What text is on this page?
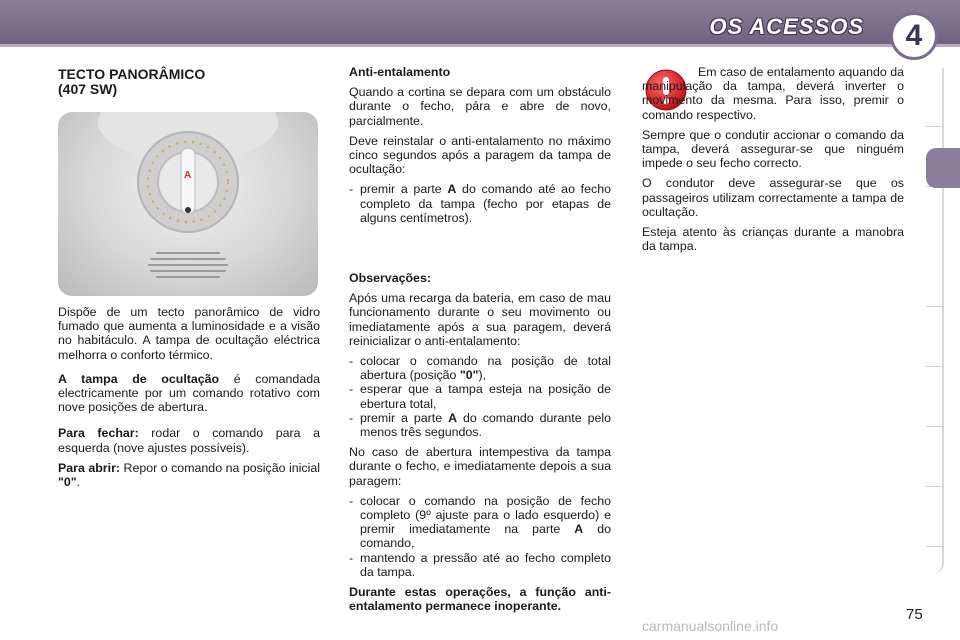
OS ACESSOS	4
TECTO PANORÂMICO
(407 SW)
A

Dispõe de um tecto panorâmico de vidro fumado que aumenta a luminosidade e a visão no habitáculo. A tampa de ocultação eléctrica melhorra o conforto térmico.

A tampa de ocultação é comandada electricamente por um comando rotativo com nove posições de abertura.

Para fechar: rodar o comando para a esquerda (nove ajustes possíveis).

Para abrir: Repor o comando na posição inicial "0".

Anti-entalamento

Quando a cortina se depara com um obstáculo durante o fecho, pára e abre de novo, parcialmente.

Deve reinstalar o anti-entalamento no máximo cinco segundos após a paragem da tampa de ocultação:

- premir a parte A do comando até ao fecho completo da tampa (fecho por etapas de alguns centímetros).

Observações:

Após uma recarga da bateria, em caso de mau funcionamento durante o seu movimento ou imediatamente após a sua paragem, deverá reinicializar o anti-entalamento:

- colocar o comando na posição de total abertura (posição "0"),
- esperar que a tampa esteja na posição de ebertura total,
- premir a parte A do comando durante pelo menos três segundos.

No caso de abertura intempestiva da tampa durante o fecho, e imediatamente depois a sua paragem:

- colocar o comando na posição de fecho completo (9º ajuste para o lado esquerdo) e premir imediatamente na parte A do comando,
- mantendo a pressão até ao fecho completo da tampa.

Durante estas operações, a função anti-entalamento permanece inoperante.

Em caso de entalamento aquando da manipulação da tampa, deverá inverter o movimento da mesma. Para isso, premir o comando respectivo.

Sempre que o condutir accionar o comando da tampa, deverá assegurar-se que ninguém impede o seu fecho correcto.

O condutor deve assegurar-se que os passageiros utilizam correctamente a tampa de ocultação.

Esteja atento às crianças durante a manobra da tampa.

75
carmanualsonline.info
